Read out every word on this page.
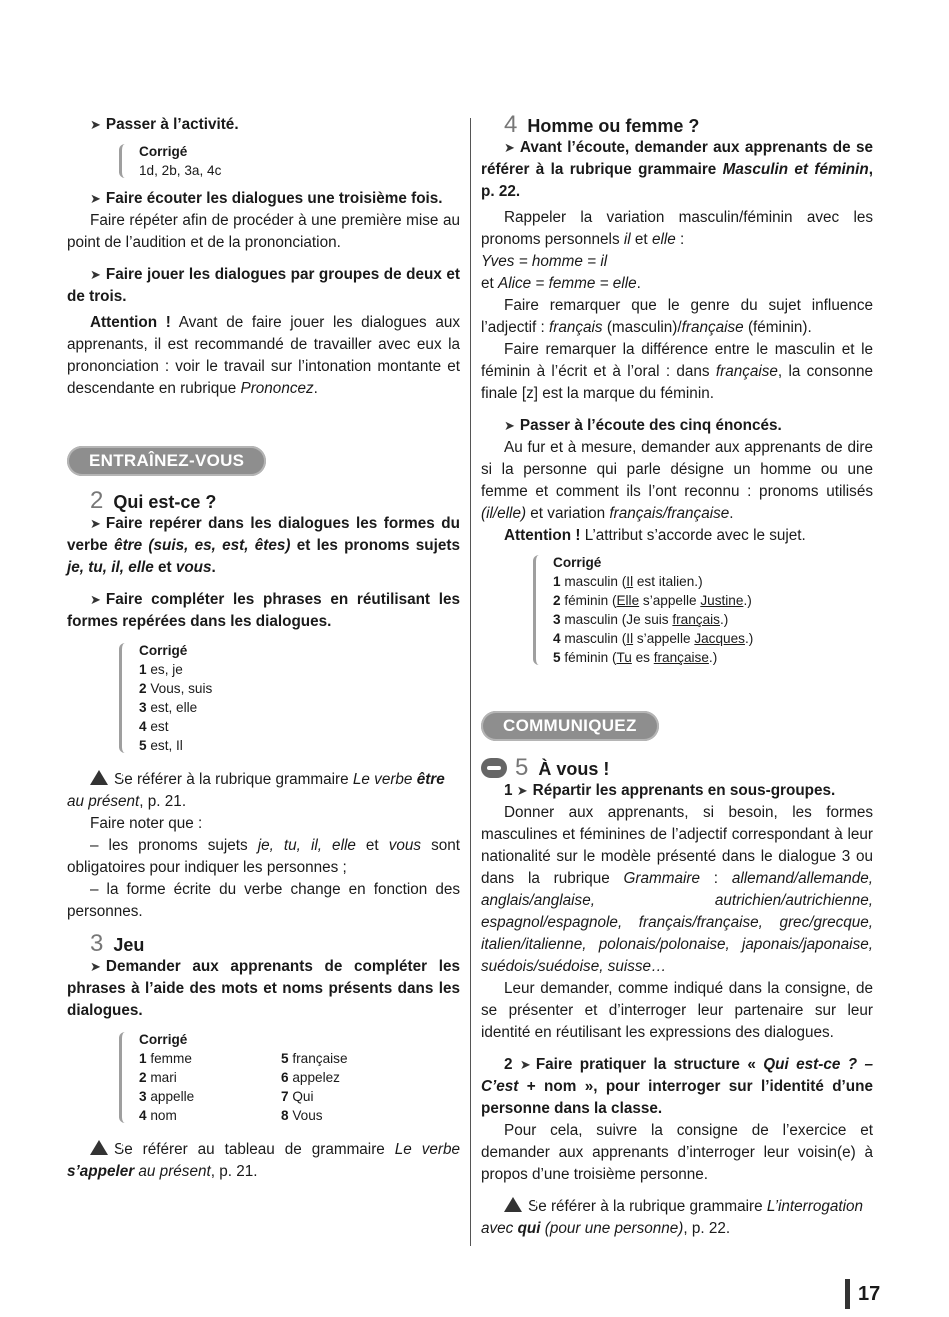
➤ Passer à l’activité.

Corrigé
1d, 2b, 3a, 4c

➤ Faire écouter les dialogues une troisième fois.

Faire répéter afin de procéder à une première mise au point de l’audition et de la prononciation.

➤ Faire jouer les dialogues par groupes de deux et de trois.

Attention ! Avant de faire jouer les dialogues aux apprenants, il est recommandé de travailler avec eux la prononciation : voir le travail sur l’intonation montante et descendante en rubrique Prononcez.

ENTRAÎNEZ-VOUS
2 Qui est-ce ?

➤ Faire repérer dans les dialogues les formes du verbe être (suis, es, est, êtes) et les pronoms sujets je, tu, il, elle et vous.

➤ Faire compléter les phrases en réutilisant les formes repérées dans les dialogues.

Corrigé
1 es, je
2 Vous, suis
3 est, elle
4 est
5 est, Il

!Se référer à la rubrique grammaire Le verbe être au présent, p. 21.

Faire noter que :

– les pronoms sujets je, tu, il, elle et vous sont obligatoires pour indiquer les personnes ;

– la forme écrite du verbe change en fonction des personnes.

3 Jeu

➤ Demander aux apprenants de compléter les phrases à l’aide des mots et noms présents dans les dialogues.

Corrigé
1 femme	5 française
2 mari	6 appelez
3 appelle	7 Qui
4 nom	8 Vous

!Se référer au tableau de grammaire Le verbe s’appeler au présent, p. 21.

4 Homme ou femme ?

➤ Avant l’écoute, demander aux apprenants de se référer à la rubrique grammaire Masculin et féminin, p. 22.

Rappeler la variation masculin/féminin avec les pronoms personnels il et elle :

Yves = homme = il

et Alice = femme = elle.

Faire remarquer que le genre du sujet influence l’adjectif : français (masculin)/française (féminin).

Faire remarquer la différence entre le masculin et le féminin à l’écrit et à l’oral : dans française, la consonne finale [z] est la marque du féminin.

➤ Passer à l’écoute des cinq énoncés.

Au fur et à mesure, demander aux apprenants de dire si la personne qui parle désigne un homme ou une femme et comment ils l’ont reconnu : pronoms utilisés (il/elle) et variation français/française.

Attention ! L’attribut s’accorde avec le sujet.

Corrigé
1 masculin (Il est italien.)
2 féminin (Elle s’appelle Justine.)
3 masculin (Je suis français.)
4 masculin (Il s’appelle Jacques.)
5 féminin (Tu es française.)
COMMUNIQUEZ
5 À vous !

1 ➤ Répartir les apprenants en sous-groupes.

Donner aux apprenants, si besoin, les formes masculines et féminines de l’adjectif correspondant à leur nationalité sur le modèle présenté dans le dialogue 3 ou dans la rubrique Grammaire : allemand/allemande, anglais/anglaise, autrichien/autrichienne, espagnol/espagnole, français/française, grec/grecque, italien/italienne, polonais/polonaise, japonais/japonaise, suédois/suédoise, suisse…

Leur demander, comme indiqué dans la consigne, de se présenter et d’interroger leur partenaire sur leur identité en réutilisant les expressions des dialogues.

2 ➤ Faire pratiquer la structure « Qui est-ce ? – C’est + nom », pour interroger sur l’identité d’une personne dans la classe.

Pour cela, suivre la consigne de l’exercice et demander aux apprenants d’interroger leur voisin(e) à propos d’une troisième personne.

!Se référer à la rubrique grammaire L’interrogation avec qui (pour une personne), p. 22.

17
